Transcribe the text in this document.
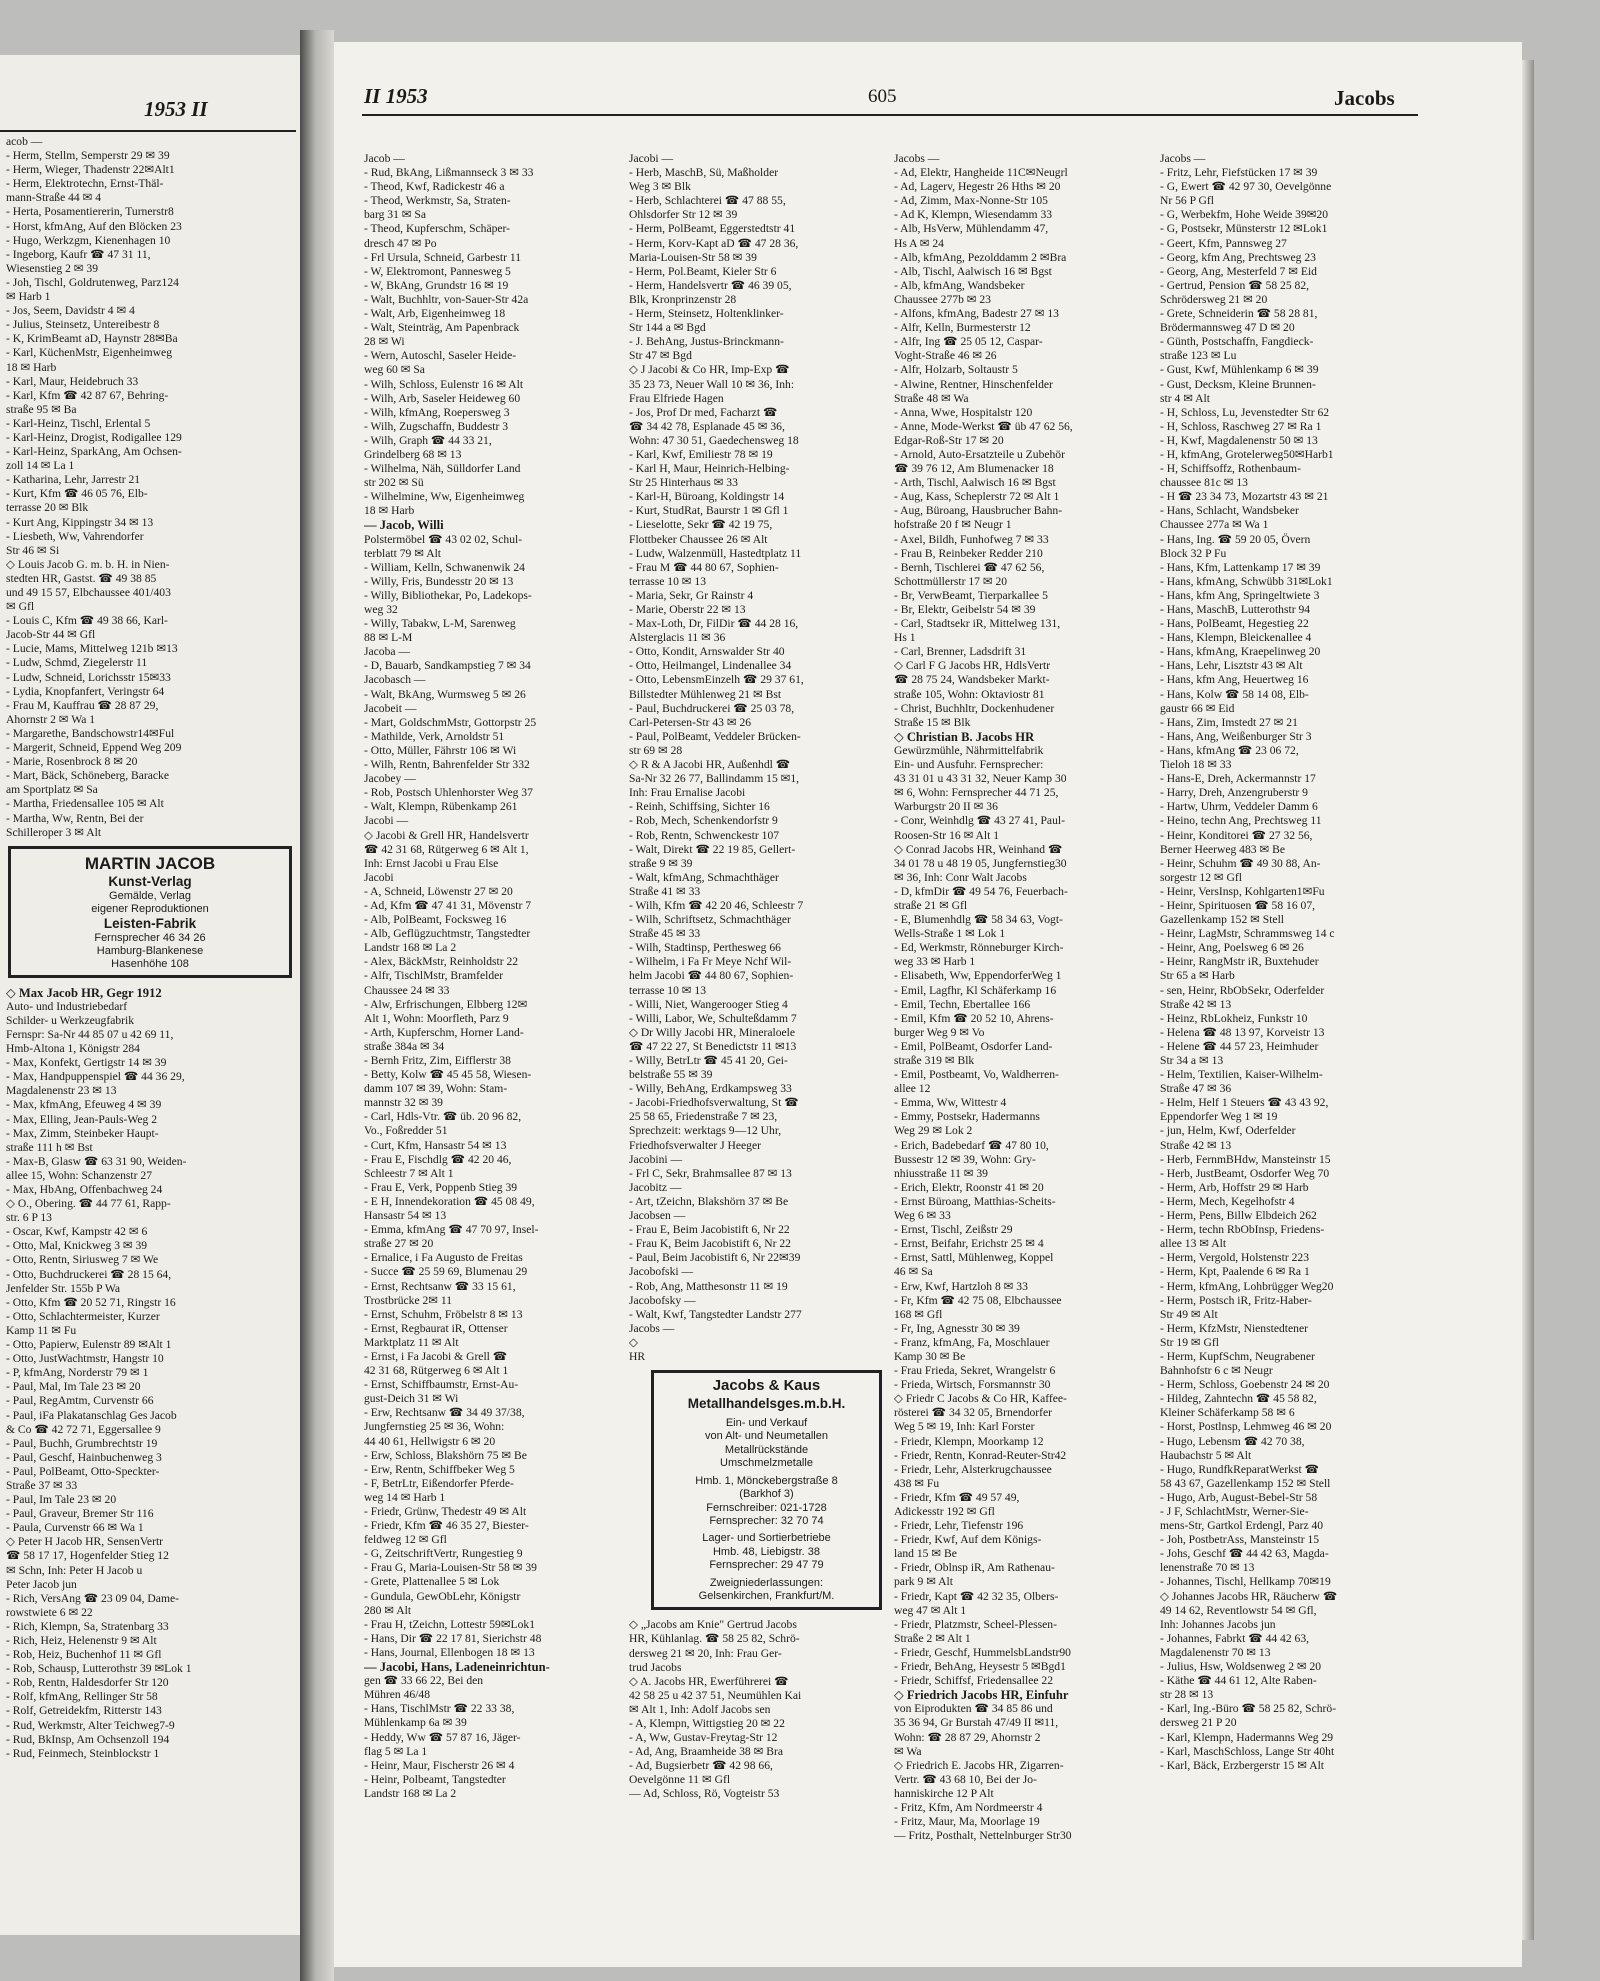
1953 II
acob —
- Herm, Stellm, Semperstr 29 ✉ 39
- Herm, Wieger, Thadenstr 22✉Alt1
- Herm, Elektrotechn, Ernst-Thäl-
mann-Straße 44 ✉ 4
- Herta, Posamentiererin, Turnerstr8
- Horst, kfmAng, Auf den Blöcken 23
- Hugo, Werkzgm, Kienenhagen 10
- Ingeborg, Kaufr ☎ 47 31 11,
Wiesenstieg 2 ✉ 39
- Joh, Tischl, Goldrutenweg, Parz124
✉ Harb 1
- Jos, Seem, Davidstr 4 ✉ 4
- Julius, Steinsetz, Untereibestr 8
- K, KrimBeamt aD, Haynstr 28✉Ba
- Karl, KüchenMstr, Eigenheimweg
18 ✉ Harb
- Karl, Maur, Heidebruch 33
- Karl, Kfm ☎ 42 87 67, Behring-
straße 95 ✉ Ba
- Karl-Heinz, Tischl, Erlental 5
- Karl-Heinz, Drogist, Rodigallee 129
- Karl-Heinz, SparkAng, Am Ochsen-
zoll 14 ✉ La 1
- Katharina, Lehr, Jarrestr 21
- Kurt, Kfm ☎ 46 05 76, Elb-
terrasse 20 ✉ Blk
- Kurt Ang, Kippingstr 34 ✉ 13
- Liesbeth, Ww, Vahrendorfer
Str 46 ✉ Si
◇ Louis Jacob G. m. b. H. in Nien-
stedten HR, Gastst. ☎ 49 38 85
und 49 15 57, Elbchaussee 401/403
✉ Gfl
- Louis C, Kfm ☎ 49 38 66, Karl-
Jacob-Str 44 ✉ Gfl
- Lucie, Mams, Mittelweg 121b ✉13
- Ludw, Schmd, Ziegelerstr 11
- Ludw, Schneid, Lorichsstr 15✉33
- Lydia, Knopfanfert, Veringstr 64
- Frau M, Kauffrau ☎ 28 87 29,
Ahornstr 2 ✉ Wa 1
- Margarethe, Bandschowstr14✉Ful
- Margerit, Schneid, Eppend Weg 209
- Marie, Rosenbrock 8 ✉ 20
- Mart, Bäck, Schöneberg, Baracke
am Sportplatz ✉ Sa
- Martha, Friedensallee 105 ✉ Alt
- Martha, Ww, Rentn, Bei der
Schilleroper 3 ✉ Alt
MARTIN JACOB
Kunst-Verlag
Gemälde, Verlag
eigener Reproduktionen
Leisten-Fabrik
Fernsprecher 46 34 26
Hamburg-Blankenese
Hasenhöhe 108
◇ Max Jacob HR, Gegr 1912
Auto- und Industriebedarf
Schilder- u Werkzeugfabrik
Fernspr: Sa-Nr 44 85 07 u 42 69 11,
Hmb-Altona 1, Königstr 284
- Max, Konfekt, Gertigstr 14 ✉ 39
- Max, Handpuppenspiel ☎ 44 36 29,
Magdalenenstr 23 ✉ 13
- Max, kfmAng, Efeuweg 4 ✉ 39
- Max, Elling, Jean-Pauls-Weg 2
- Max, Zimm, Steinbeker Haupt-
straße 111 h ✉ Bst
- Max-B, Glasw ☎ 63 31 90, Weiden-
allee 15, Wohn: Schanzenstr 27
- Max, HbAng, Offenbachweg 24
◇ O., Obering. ☎ 44 77 61, Rapp-
str. 6 P 13
- Oscar, Kwf, Kampstr 42 ✉ 6
- Otto, Mal, Knickweg 3 ✉ 39
- Otto, Rentn, Siriusweg 7 ✉ We
- Otto, Buchdruckerei ☎ 28 15 64,
Jenfelder Str. 155b P Wa
- Otto, Kfm ☎ 20 52 71, Ringstr 16
- Otto, Schlachtermeister, Kurzer
Kamp 11 ✉ Fu
- Otto, Papierw, Eulenstr 89 ✉Alt 1
- Otto, JustWachtmstr, Hangstr 10
- P, kfmAng, Norderstr 79 ✉ 1
- Paul, Mal, Im Tale 23 ✉ 20
- Paul, RegAmtm, Curvenstr 66
- Paul, iFa Plakatanschlag Ges Jacob
& Co ☎ 42 72 71, Eggersallee 9
- Paul, Buchh, Grumbrechtstr 19
- Paul, Geschf, Hainbuchenweg 3
- Paul, PolBeamt, Otto-Speckter-
Straße 37 ✉ 33
- Paul, Im Tale 23 ✉ 20
- Paul, Graveur, Bremer Str 116
- Paula, Curvenstr 66 ✉ Wa 1
◇ Peter H Jacob HR, SensenVertr
☎ 58 17 17, Hogenfelder Stieg 12
✉ Schn, Inh: Peter H Jacob u
Peter Jacob jun
- Rich, VersAng ☎ 23 09 04, Dame-
rowstwiete 6 ✉ 22
- Rich, Klempn, Sa, Stratenbarg 33
- Rich, Heiz, Helenenstr 9 ✉ Alt
- Rob, Heiz, Buchenhof 11 ✉ Gfl
- Rob, Schausp, Lutterothstr 39 ✉Lok 1
- Rob, Rentn, Haldesdorfer Str 120
- Rolf, kfmAng, Rellinger Str 58
- Rolf, Getreidekfm, Ritterstr 143
- Rud, Werkmstr, Alter Teichweg7-9
- Rud, BkInsp, Am Ochsenzoll 194
- Rud, Feinmech, Steinblockstr 1
II 1953	605	Jacobs
Jacob —
- Rud, BkAng, Lißmannseck 3 ✉ 33
- Theod, Kwf, Radickestr 46 a
- Theod, Werkmstr, Sa, Straten-
barg 31 ✉ Sa
- Theod, Kupferschm, Schäper-
dresch 47 ✉ Po
- Frl Ursula, Schneid, Garbestr 11
- W, Elektromont, Pannesweg 5
- W, BkAng, Grundstr 16 ✉ 19
- Walt, Buchhltr, von-Sauer-Str 42a
- Walt, Arb, Eigenheimweg 18
- Walt, Steinträg, Am Papenbrack
28 ✉ Wi
- Wern, Autoschl, Saseler Heide-
weg 60 ✉ Sa
- Wilh, Schloss, Eulenstr 16 ✉ Alt
- Wilh, Arb, Saseler Heideweg 60
- Wilh, kfmAng, Roepersweg 3
- Wilh, Zugschaffn, Buddestr 3
- Wilh, Graph ☎ 44 33 21,
Grindelberg 68 ✉ 13
- Wilhelma, Näh, Sülldorfer Land
str 202 ✉ Sü
- Wilhelmine, Ww, Eigenheimweg
18 ✉ Harb
— Jacob, Willi
Polstermöbel ☎ 43 02 02, Schul-
terblatt 79 ✉ Alt
- William, Kelln, Schwanenwik 24
- Willy, Fris, Bundesstr 20 ✉ 13
- Willy, Bibliothekar, Po, Ladekops-
weg 32
- Willy, Tabakw, L-M, Sarenweg
88 ✉ L-M
Jacoba —
- D, Bauarb, Sandkampstieg 7 ✉ 34
Jacobasch —
- Walt, BkAng, Wurmsweg 5 ✉ 26
Jacobeit —
- Mart, GoldschmMstr, Gottorpstr 25
- Mathilde, Verk, Arnoldstr 51
- Otto, Müller, Fährstr 106 ✉ Wi
- Wilh, Rentn, Bahrenfelder Str 332
Jacobey —
- Rob, Postsch Uhlenhorster Weg 37
- Walt, Klempn, Rübenkamp 261
Jacobi —
◇ Jacobi & Grell HR, Handelsvertr
☎ 42 31 68, Rütgerweg 6 ✉ Alt 1,
Inh: Ernst Jacobi u Frau Else
Jacobi
- A, Schneid, Löwenstr 27 ✉ 20
- Ad, Kfm ☎ 47 41 31, Mövenstr 7
- Alb, PolBeamt, Focksweg 16
- Alb, Geflügzuchtmstr, Tangstedter
Landstr 168 ✉ La 2
- Alex, BäckMstr, Reinholdstr 22
- Alfr, TischlMstr, Bramfelder
Chaussee 24 ✉ 33
- Alw, Erfrischungen, Elbberg 12✉
Alt 1, Wohn: Moorfleth, Parz 9
- Arth, Kupferschm, Horner Land-
straße 384a ✉ 34
- Bernh Fritz, Zim, Eifflerstr 38
- Betty, Kolw ☎ 45 45 58, Wiesen-
damm 107 ✉ 39, Wohn: Stam-
mannstr 32 ✉ 39
- Carl, Hdls-Vtr. ☎ üb. 20 96 82,
Vo., Foßredder 51
- Curt, Kfm, Hansastr 54 ✉ 13
- Frau E, Fischdlg ☎ 42 20 46,
Schleestr 7 ✉ Alt 1
- Frau E, Verk, Poppenb Stieg 39
- E H, Innendekoration ☎ 45 08 49,
Hansastr 54 ✉ 13
- Emma, kfmAng ☎ 47 70 97, Insel-
straße 27 ✉ 20
- Ernalice, i Fa Augusto de Freitas
- Succe ☎ 25 59 69, Blumenau 29
- Ernst, Rechtsanw ☎ 33 15 61,
Trostbrücke 2✉ 11
- Ernst, Schuhm, Fröbelstr 8 ✉ 13
- Ernst, Regbaurat iR, Ottenser
Marktplatz 11 ✉ Alt
- Ernst, i Fa Jacobi & Grell ☎
42 31 68, Rütgerweg 6 ✉ Alt 1
- Ernst, Schiffbaumstr, Ernst-Au-
gust-Deich 31 ✉ Wi
- Erw, Rechtsanw ☎ 34 49 37/38,
Jungfernstieg 25 ✉ 36, Wohn:
44 40 61, Hellwigstr 6 ✉ 20
- Erw, Schloss, Blakshörn 75 ✉ Be
- Erw, Rentn, Schiffbeker Weg 5
- F, BetrLtr, Eißendorfer Pferde-
weg 14 ✉ Harb 1
- Friedr, Grünw, Thedestr 49 ✉ Alt
- Friedr, Kfm ☎ 46 35 27, Biester-
feldweg 12 ✉ Gfl
- G, ZeitschriftVertr, Rungestieg 9
- Frau G, Maria-Louisen-Str 58 ✉ 39
- Grete, Plattenallee 5 ✉ Lok
- Gundula, GewObLehr, Königstr
280 ✉ Alt
- Frau H, tZeichn, Lottestr 59✉Lok1
- Hans, Dir ☎ 22 17 81, Sierichstr 48
- Hans, Journal, Ellenbogen 18 ✉ 13
— Jacobi, Hans, Ladeneinrichtun-
gen ☎ 33 66 22, Bei den
Mühren 46/48
- Hans, TischlMstr ☎ 22 33 38,
Mühlenkamp 6a ✉ 39
- Heddy, Ww ☎ 57 87 16, Jäger-
flag 5 ✉ La 1
- Heinr, Maur, Fischerstr 26 ✉ 4
- Heinr, Polbeamt, Tangstedter
Landstr 168 ✉ La 2
Jacobi —
- Herb, MaschB, Sü, Maßholder
Weg 3 ✉ Blk
- Herb, Schlachterei ☎ 47 88 55,
Ohlsdorfer Str 12 ✉ 39
- Herm, PolBeamt, Eggerstedtstr 41
- Herm, Korv-Kapt aD ☎ 47 28 36,
Maria-Louisen-Str 58 ✉ 39
- Herm, Pol.Beamt, Kieler Str 6
- Herm, Handelsvertr ☎ 46 39 05,
Blk, Kronprinzenstr 28
- Herm, Steinsetz, Holtenklinker-
Str 144 a ✉ Bgd
- J. BehAng, Justus-Brinckmann-
Str 47 ✉ Bgd
◇ J Jacobi & Co HR, Imp-Exp ☎
35 23 73, Neuer Wall 10 ✉ 36, Inh:
Frau Elfriede Hagen
- Jos, Prof Dr med, Facharzt ☎
☎ 34 42 78, Esplanade 45 ✉ 36,
Wohn: 47 30 51, Gaedechensweg 18
- Karl, Kwf, Emiliestr 78 ✉ 19
- Karl H, Maur, Heinrich-Helbing-
Str 25 Hinterhaus ✉ 33
- Karl-H, Büroang, Koldingstr 14
- Kurt, StudRat, Baurstr 1 ✉ Gfl 1
- Lieselotte, Sekr ☎ 42 19 75,
Flottbeker Chaussee 26 ✉ Alt
- Ludw, Walzenmüll, Hastedtplatz 11
- Frau M ☎ 44 80 67, Sophien-
terrasse 10 ✉ 13
- Maria, Sekr, Gr Rainstr 4
- Marie, Oberstr 22 ✉ 13
- Max-Loth, Dr, FilDir ☎ 44 28 16,
Alsterglacis 11 ✉ 36
- Otto, Kondit, Arnswalder Str 40
- Otto, Heilmangel, Lindenallee 34
- Otto, LebensmEinzelh ☎ 29 37 61,
Billstedter Mühlenweg 21 ✉ Bst
- Paul, Buchdruckerei ☎ 25 03 78,
Carl-Petersen-Str 43 ✉ 26
- Paul, PolBeamt, Veddeler Brücken-
str 69 ✉ 28
◇ R & A Jacobi HR, Außenhdl ☎
Sa-Nr 32 26 77, Ballindamm 15 ✉1,
Inh: Frau Ernalise Jacobi
- Reinh, Schiffsing, Sichter 16
- Rob, Mech, Schenkendorfstr 9
- Rob, Rentn, Schwenckestr 107
- Walt, Direkt ☎ 22 19 85, Gellert-
straße 9 ✉ 39
- Walt, kfmAng, Schmachthäger
Straße 41 ✉ 33
- Wilh, Kfm ☎ 42 20 46, Schleestr 7
- Wilh, Schriftsetz, Schmachthäger
Straße 45 ✉ 33
- Wilh, Stadtinsp, Perthesweg 66
- Wilhelm, i Fa Fr Meye Nchf Wil-
helm Jacobi ☎ 44 80 67, Sophien-
terrasse 10 ✉ 13
- Willi, Niet, Wangerooger Stieg 4
- Willi, Labor, We, Schulteßdamm 7
◇ Dr Willy Jacobi HR, Mineraloele
☎ 47 22 27, St Benedictstr 11 ✉13
- Willy, BetrLtr ☎ 45 41 20, Gei-
belstraße 55 ✉ 39
- Willy, BehAng, Erdkampsweg 33
- Jacobi-Friedhofsverwaltung, St ☎
25 58 65, Friedenstraße 7 ✉ 23,
Sprechzeit: werktags 9—12 Uhr,
Friedhofsverwalter J Heeger
Jacobini —
- Frl C, Sekr, Brahmsallee 87 ✉ 13
Jacobitz —
- Art, tZeichn, Blakshörn 37 ✉ Be
Jacobsen —
- Frau E, Beim Jacobistift 6, Nr 22
- Frau K, Beim Jacobistift 6, Nr 22
- Paul, Beim Jacobistift 6, Nr 22✉39
Jacobofski —
- Rob, Ang, Matthesonstr 11 ✉ 19
Jacobofsky —
- Walt, Kwf, Tangstedter Landstr 277
Jacobs —
◇
HR
Jacobs & Kaus
Metallhandelsges.m.b.H.
Ein- und Verkauf
von Alt- und Neumetallen
Metallrückstände
Umschmelzmetalle
Hmb. 1, Mönckebergstraße 8
(Barkhof 3)
Fernschreiber: 021-1728
Fernsprecher: 32 70 74
Lager- und Sortierbetriebe
Hmb. 48, Liebigstr. 38
Fernsprecher: 29 47 79
Zweigniederlassungen:
Gelsenkirchen, Frankfurt/M.
◇ „Jacobs am Knie" Gertrud Jacobs
HR, Kühlanlag. ☎ 58 25 82, Schrö-
dersweg 21 ✉ 20, Inh: Frau Ger-
trud Jacobs
◇ A. Jacobs HR, Ewerführerei ☎
42 58 25 u 42 37 51, Neumühlen Kai
✉ Alt 1, Inh: Adolf Jacobs sen
- A, Klempn, Wittigstieg 20 ✉ 22
- A, Ww, Gustav-Freytag-Str 12
- Ad, Ang, Braamheide 38 ✉ Bra
- Ad, Bugsierbetr ☎ 42 98 66,
Oevelgönne 11 ✉ Gfl
— Ad, Schloss, Rö, Vogteistr 53
Jacobs —
- Ad, Elektr, Hangheide 11C✉Neugrl
- Ad, Lagerv, Hegestr 26 Hths ✉ 20
- Ad, Zimm, Max-Nonne-Str 105
- Ad K, Klempn, Wiesendamm 33
- Alb, HsVerw, Mühlendamm 47,
Hs A ✉ 24
- Alb, kfmAng, Pezolddamm 2 ✉Bra
- Alb, Tischl, Aalwisch 16 ✉ Bgst
- Alb, kfmAng, Wandsbeker
Chaussee 277b ✉ 23
- Alfons, kfmAng, Badestr 27 ✉ 13
- Alfr, Kelln, Burmesterstr 12
- Alfr, Ing ☎ 25 05 12, Caspar-
Voght-Straße 46 ✉ 26
- Alfr, Holzarb, Soltaustr 5
- Alwine, Rentner, Hinschenfelder
Straße 48 ✉ Wa
- Anna, Wwe, Hospitalstr 120
- Anne, Mode-Werkst ☎ üb 47 62 56,
Edgar-Roß-Str 17 ✉ 20
- Arnold, Auto-Ersatzteile u Zubehör
☎ 39 76 12, Am Blumenacker 18
- Arth, Tischl, Aalwisch 16 ✉ Bgst
- Aug, Kass, Scheplerstr 72 ✉ Alt 1
- Aug, Büroang, Hausbrucher Bahn-
hofstraße 20 f ✉ Neugr 1
- Axel, Bildh, Funhofweg 7 ✉ 33
- Frau B, Reinbeker Redder 210
- Bernh, Tischlerei ☎ 47 62 56,
Schottmüllerstr 17 ✉ 20
- Br, VerwBeamt, Tierparkallee 5
- Br, Elektr, Geibelstr 54 ✉ 39
- Carl, Stadtsekr iR, Mittelweg 131,
Hs 1
- Carl, Brenner, Ladsdrift 31
◇ Carl F G Jacobs HR, HdlsVertr
☎ 28 75 24, Wandsbeker Markt-
straße 105, Wohn: Oktaviostr 81
- Christ, Buchhltr, Dockenhudener
Straße 15 ✉ Blk
◇ Christian B. Jacobs HR
Gewürzmühle, Nährmittelfabrik
Ein- und Ausfuhr. Fernsprecher:
43 31 01 u 43 31 32, Neuer Kamp 30
✉ 6, Wohn: Fernsprecher 44 71 25,
Warburgstr 20 II ✉ 36
- Conr, Weinhdlg ☎ 43 27 41, Paul-
Roosen-Str 16 ✉ Alt 1
◇ Conrad Jacobs HR, Weinhand ☎
34 01 78 u 48 19 05, Jungfernstieg30
✉ 36, Inh: Conr Walt Jacobs
- D, kfmDir ☎ 49 54 76, Feuerbach-
straße 21 ✉ Gfl
- E, Blumenhdlg ☎ 58 34 63, Vogt-
Wells-Straße 1 ✉ Lok 1
- Ed, Werkmstr, Rönneburger Kirch-
weg 33 ✉ Harb 1
- Elisabeth, Ww, EppendorferWeg 1
- Emil, Lagfhr, Kl Schäferkamp 16
- Emil, Techn, Ebertallee 166
- Emil, Kfm ☎ 20 52 10, Ahrens-
burger Weg 9 ✉ Vo
- Emil, PolBeamt, Osdorfer Land-
straße 319 ✉ Blk
- Emil, Postbeamt, Vo, Waldherren-
allee 12
- Emma, Ww, Wittestr 4
- Emmy, Postsekr, Hadermanns
Weg 29 ✉ Lok 2
- Erich, Badebedarf ☎ 47 80 10,
Bussestr 12 ✉ 39, Wohn: Gry-
nhiusstraße 11 ✉ 39
- Erich, Elektr, Roonstr 41 ✉ 20
- Ernst Büroang, Matthias-Scheits-
Weg 6 ✉ 33
- Ernst, Tischl, Zeißstr 29
- Ernst, Beifahr, Erichstr 25 ✉ 4
- Ernst, Sattl, Mühlenweg, Koppel
46 ✉ Sa
- Erw, Kwf, Hartzloh 8 ✉ 33
- Fr, Kfm ☎ 42 75 08, Elbchaussee
168 ✉ Gfl
- Fr, Ing, Agnesstr 30 ✉ 39
- Franz, kfmAng, Fa, Moschlauer
Kamp 30 ✉ Be
- Frau Frieda, Sekret, Wrangelstr 6
- Frieda, Wirtsch, Forsmannstr 30
◇ Friedr C Jacobs & Co HR, Kaffee-
rösterei ☎ 34 32 05, Brnendorfer
Weg 5 ✉ 19, Inh: Karl Forster
- Friedr, Klempn, Moorkamp 12
- Friedr, Rentn, Konrad-Reuter-Str42
- Friedr, Lehr, Alsterkrugchaussee
438 ✉ Fu
- Friedr, Kfm ☎ 49 57 49,
Adickesstr 192 ✉ Gfl
- Friedr, Lehr, Tiefenstr 196
- Friedr, Kwf, Auf dem Königs-
land 15 ✉ Be
- Friedr, Oblnsp iR, Am Rathenau-
park 9 ✉ Alt
- Friedr, Kapt ☎ 42 32 35, Olbers-
weg 47 ✉ Alt 1
- Friedr, Platzmstr, Scheel-Plessen-
Straße 2 ✉ Alt 1
- Friedr, Geschf, HummelsbLandstr90
- Friedr, BehAng, Heysestr 5 ✉Bgd1
- Friedr, Schiffsf, Friedensallee 22
◇ Friedrich Jacobs HR, Einfuhr
von Eiprodukten ☎ 34 85 86 und
35 36 94, Gr Burstah 47/49 II ✉11,
Wohn: ☎ 28 87 29, Ahornstr 2
✉ Wa
◇ Friedrich E. Jacobs HR, Zigarren-
Vertr. ☎ 43 68 10, Bei der Jo-
hanniskirche 12 P Alt
- Fritz, Kfm, Am Nordmeerstr 4
- Fritz, Maur, Ma, Moorlage 19
— Fritz, Posthalt, Nettelnburger Str30
Jacobs —
- Fritz, Lehr, Fiefstücken 17 ✉ 39
- G, Ewert ☎ 42 97 30, Oevelgönne
Nr 56 P Gfl
- G, Werbekfm, Hohe Weide 39✉20
- G, Postsekr, Münsterstr 12 ✉Lok1
- Geert, Kfm, Pannsweg 27
- Georg, kfm Ang, Prechtsweg 23
- Georg, Ang, Mesterfeld 7 ✉ Eid
- Gertrud, Pension ☎ 58 25 82,
Schrödersweg 21 ✉ 20
- Grete, Schneiderin ☎ 58 28 81,
Brödermannsweg 47 D ✉ 20
- Günth, Postschaffn, Fangdieck-
straße 123 ✉ Lu
- Gust, Kwf, Mühlenkamp 6 ✉ 39
- Gust, Decksm, Kleine Brunnen-
str 4 ✉ Alt
- H, Schloss, Lu, Jevenstedter Str 62
- H, Schloss, Raschweg 27 ✉ Ra 1
- H, Kwf, Magdalenenstr 50 ✉ 13
- H, kfmAng, Grotelerweg50✉Harb1
- H, Schiffsoffz, Rothenbaum-
chaussee 81c ✉ 13
- H ☎ 23 34 73, Mozartstr 43 ✉ 21
- Hans, Schlacht, Wandsbeker
Chaussee 277a ✉ Wa 1
- Hans, Ing. ☎ 59 20 05, Övern
Block 32 P Fu
- Hans, Kfm, Lattenkamp 17 ✉ 39
- Hans, kfmAng, Schwübb 31✉Lok1
- Hans, kfm Ang, Springeltwiete 3
- Hans, MaschB, Lutterothstr 94
- Hans, PolBeamt, Hegestieg 22
- Hans, Klempn, Bleickenallee 4
- Hans, kfmAng, Kraepelinweg 20
- Hans, Lehr, Lisztstr 43 ✉ Alt
- Hans, kfm Ang, Heuertweg 16
- Hans, Kolw ☎ 58 14 08, Elb-
gaustr 66 ✉ Eid
- Hans, Zim, Imstedt 27 ✉ 21
- Hans, Ang, Weißenburger Str 3
- Hans, kfmAng ☎ 23 06 72,
Tieloh 18 ✉ 33
- Hans-E, Dreh, Ackermannstr 17
- Harry, Dreh, Anzengruberstr 9
- Hartw, Uhrm, Veddeler Damm 6
- Heino, techn Ang, Prechtsweg 11
- Heinr, Konditorei ☎ 27 32 56,
Berner Heerweg 483 ✉ Be
- Heinr, Schuhm ☎ 49 30 88, An-
sorgestr 12 ✉ Gfl
- Heinr, VersInsp, Kohlgarten1✉Fu
- Heinr, Spirituosen ☎ 58 16 07,
Gazellenkamp 152 ✉ Stell
- Heinr, LagMstr, Schrammsweg 14 c
- Heinr, Ang, Poelsweg 6 ✉ 26
- Heinr, RangMstr iR, Buxtehuder
Str 65 a ✉ Harb
- sen, Heinr, RbObSekr, Oderfelder
Straße 42 ✉ 13
- Heinz, RbLokheiz, Funkstr 10
- Helena ☎ 48 13 97, Korveistr 13
- Helene ☎ 44 57 23, Heimhuder
Str 34 a ✉ 13
- Helm, Textilien, Kaiser-Wilhelm-
Straße 47 ✉ 36
- Helm, Helf 1 Steuers ☎ 43 43 92,
Eppendorfer Weg 1 ✉ 19
- jun, Helm, Kwf, Oderfelder
Straße 42 ✉ 13
- Herb, FernmBHdw, Mansteinstr 15
- Herb, JustBeamt, Osdorfer Weg 70
- Herm, Arb, Hoffstr 29 ✉ Harb
- Herm, Mech, Kegelhofstr 4
- Herm, Pens, Billw Elbdeich 262
- Herm, techn RbObInsp, Friedens-
allee 13 ✉ Alt
- Herm, Vergold, Holstenstr 223
- Herm, Kpt, Paalende 6 ✉ Ra 1
- Herm, kfmAng, Lohbrügger Weg20
- Herm, Postsch iR, Fritz-Haber-
Str 49 ✉ Alt
- Herm, KfzMstr, Nienstedtener
Str 19 ✉ Gfl
- Herm, KupfSchm, Neugrabener
Bahnhofstr 6 c ✉ Neugr
- Herm, Schloss, Goebenstr 24 ✉ 20
- Hildeg, Zahntechn ☎ 45 58 82,
Kleiner Schäferkamp 58 ✉ 6
- Horst, Postlnsp, Lehmweg 46 ✉ 20
- Hugo, Lebensm ☎ 42 70 38,
Haubachstr 5 ✉ Alt
- Hugo, RundfkReparatWerkst ☎
58 43 67, Gazellenkamp 152 ✉ Stell
- Hugo, Arb, August-Bebel-Str 58
- J F, SchlachtMstr, Werner-Sie-
mens-Str, Gartkol Erdengl, Parz 40
- Joh, PostbetrAss, Mansteinstr 15
- Johs, Geschf ☎ 44 42 63, Magda-
lenenstraße 70 ✉ 13
- Johannes, Tischl, Hellkamp 70✉19
◇ Johannes Jacobs HR, Räucherw ☎
49 14 62, Reventlowstr 54 ✉ Gfl,
Inh: Johannes Jacobs jun
- Johannes, Fabrkt ☎ 44 42 63,
Magdalenenstr 70 ✉ 13
- Julius, Hsw, Woldsenweg 2 ✉ 20
- Käthe ☎ 44 61 12, Alte Raben-
str 28 ✉ 13
- Karl, Ing.-Büro ☎ 58 25 82, Schrö-
dersweg 21 P 20
- Karl, Klempn, Hadermanns Weg 29
- Karl, MaschSchloss, Lange Str 40ht
- Karl, Bäck, Erzbergerstr 15 ✉ Alt
